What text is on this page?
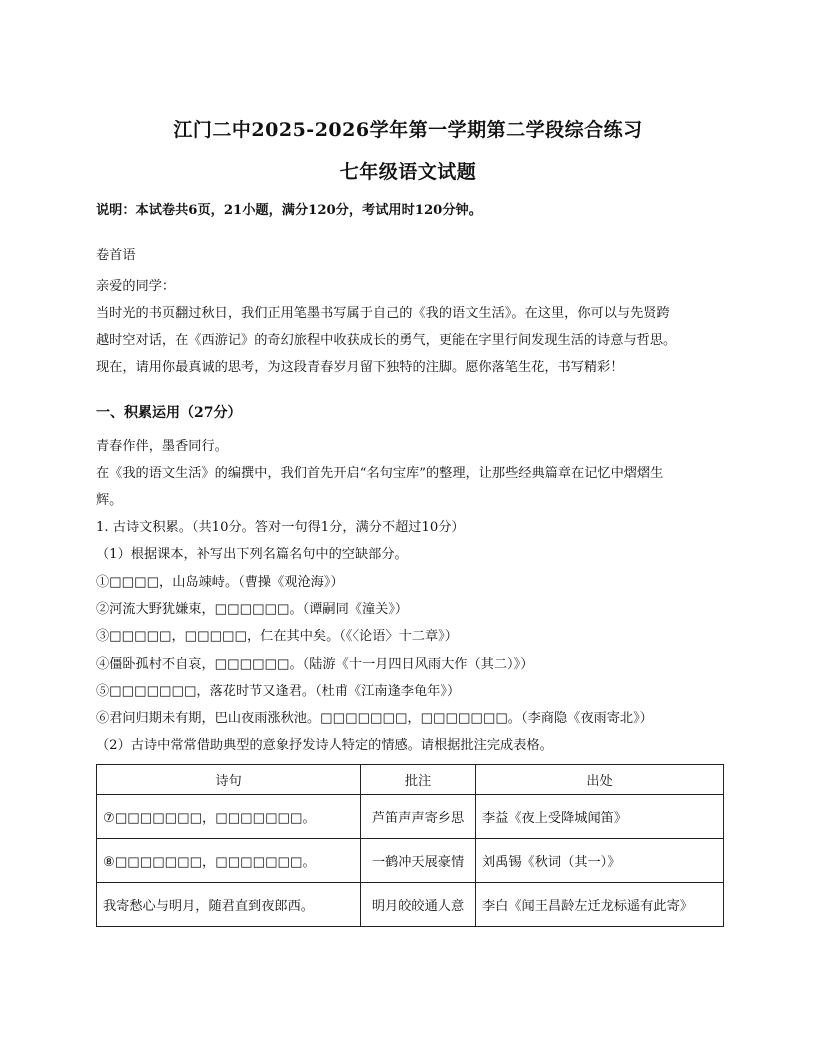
江门二中2025-2026学年第一学期第二学段综合练习
七年级语文试题
说明：本试卷共6页，21小题，满分120分，考试用时120分钟。
卷首语
亲爱的同学：
当时光的书页翻过秋日，我们正用笔墨书写属于自己的《我的语文生活》。在这里，你可以与先贤跨
越时空对话，在《西游记》的奇幻旅程中收获成长的勇气，更能在字里行间发现生活的诗意与哲思。
现在，请用你最真诚的思考，为这段青春岁月留下独特的注脚。愿你落笔生花，书写精彩！
一、积累运用（27分）
青春作伴，墨香同行。
在《我的语文生活》的编撰中，我们首先开启“名句宝库”的整理，让那些经典篇章在记忆中熠熠生
辉。
1. 古诗文积累。（共10分。答对一句得1分，满分不超过10分）
（1）根据课本，补写出下列名篇名句中的空缺部分。
①□□□□，山岛竦峙。（曹操《观沧海》）
②河流大野犹嫌束，□□□□□□。（谭嗣同《潼关》）
③□□□□□，□□□□□，仁在其中矣。（《〈论语〉十二章》）
④僵卧孤村不自哀，□□□□□□。（陆游《十一月四日风雨大作（其二）》）
⑤□□□□□□□，落花时节又逢君。（杜甫《江南逢李龟年》）
⑥君问归期未有期，巴山夜雨涨秋池。□□□□□□□，□□□□□□□。（李商隐《夜雨寄北》）
（2）古诗中常常借助典型的意象抒发诗人特定的情感。请根据批注完成表格。
诗句	批注	出处
⑦□□□□□□□，□□□□□□□。	芦笛声声寄乡思	李益《夜上受降城闻笛》
⑧□□□□□□□，□□□□□□□。	一鹤冲天展豪情	刘禹锡《秋词（其一）》
我寄愁心与明月，随君直到夜郎西。	明月皎皎通人意	李白《闻王昌龄左迁龙标遥有此寄》
